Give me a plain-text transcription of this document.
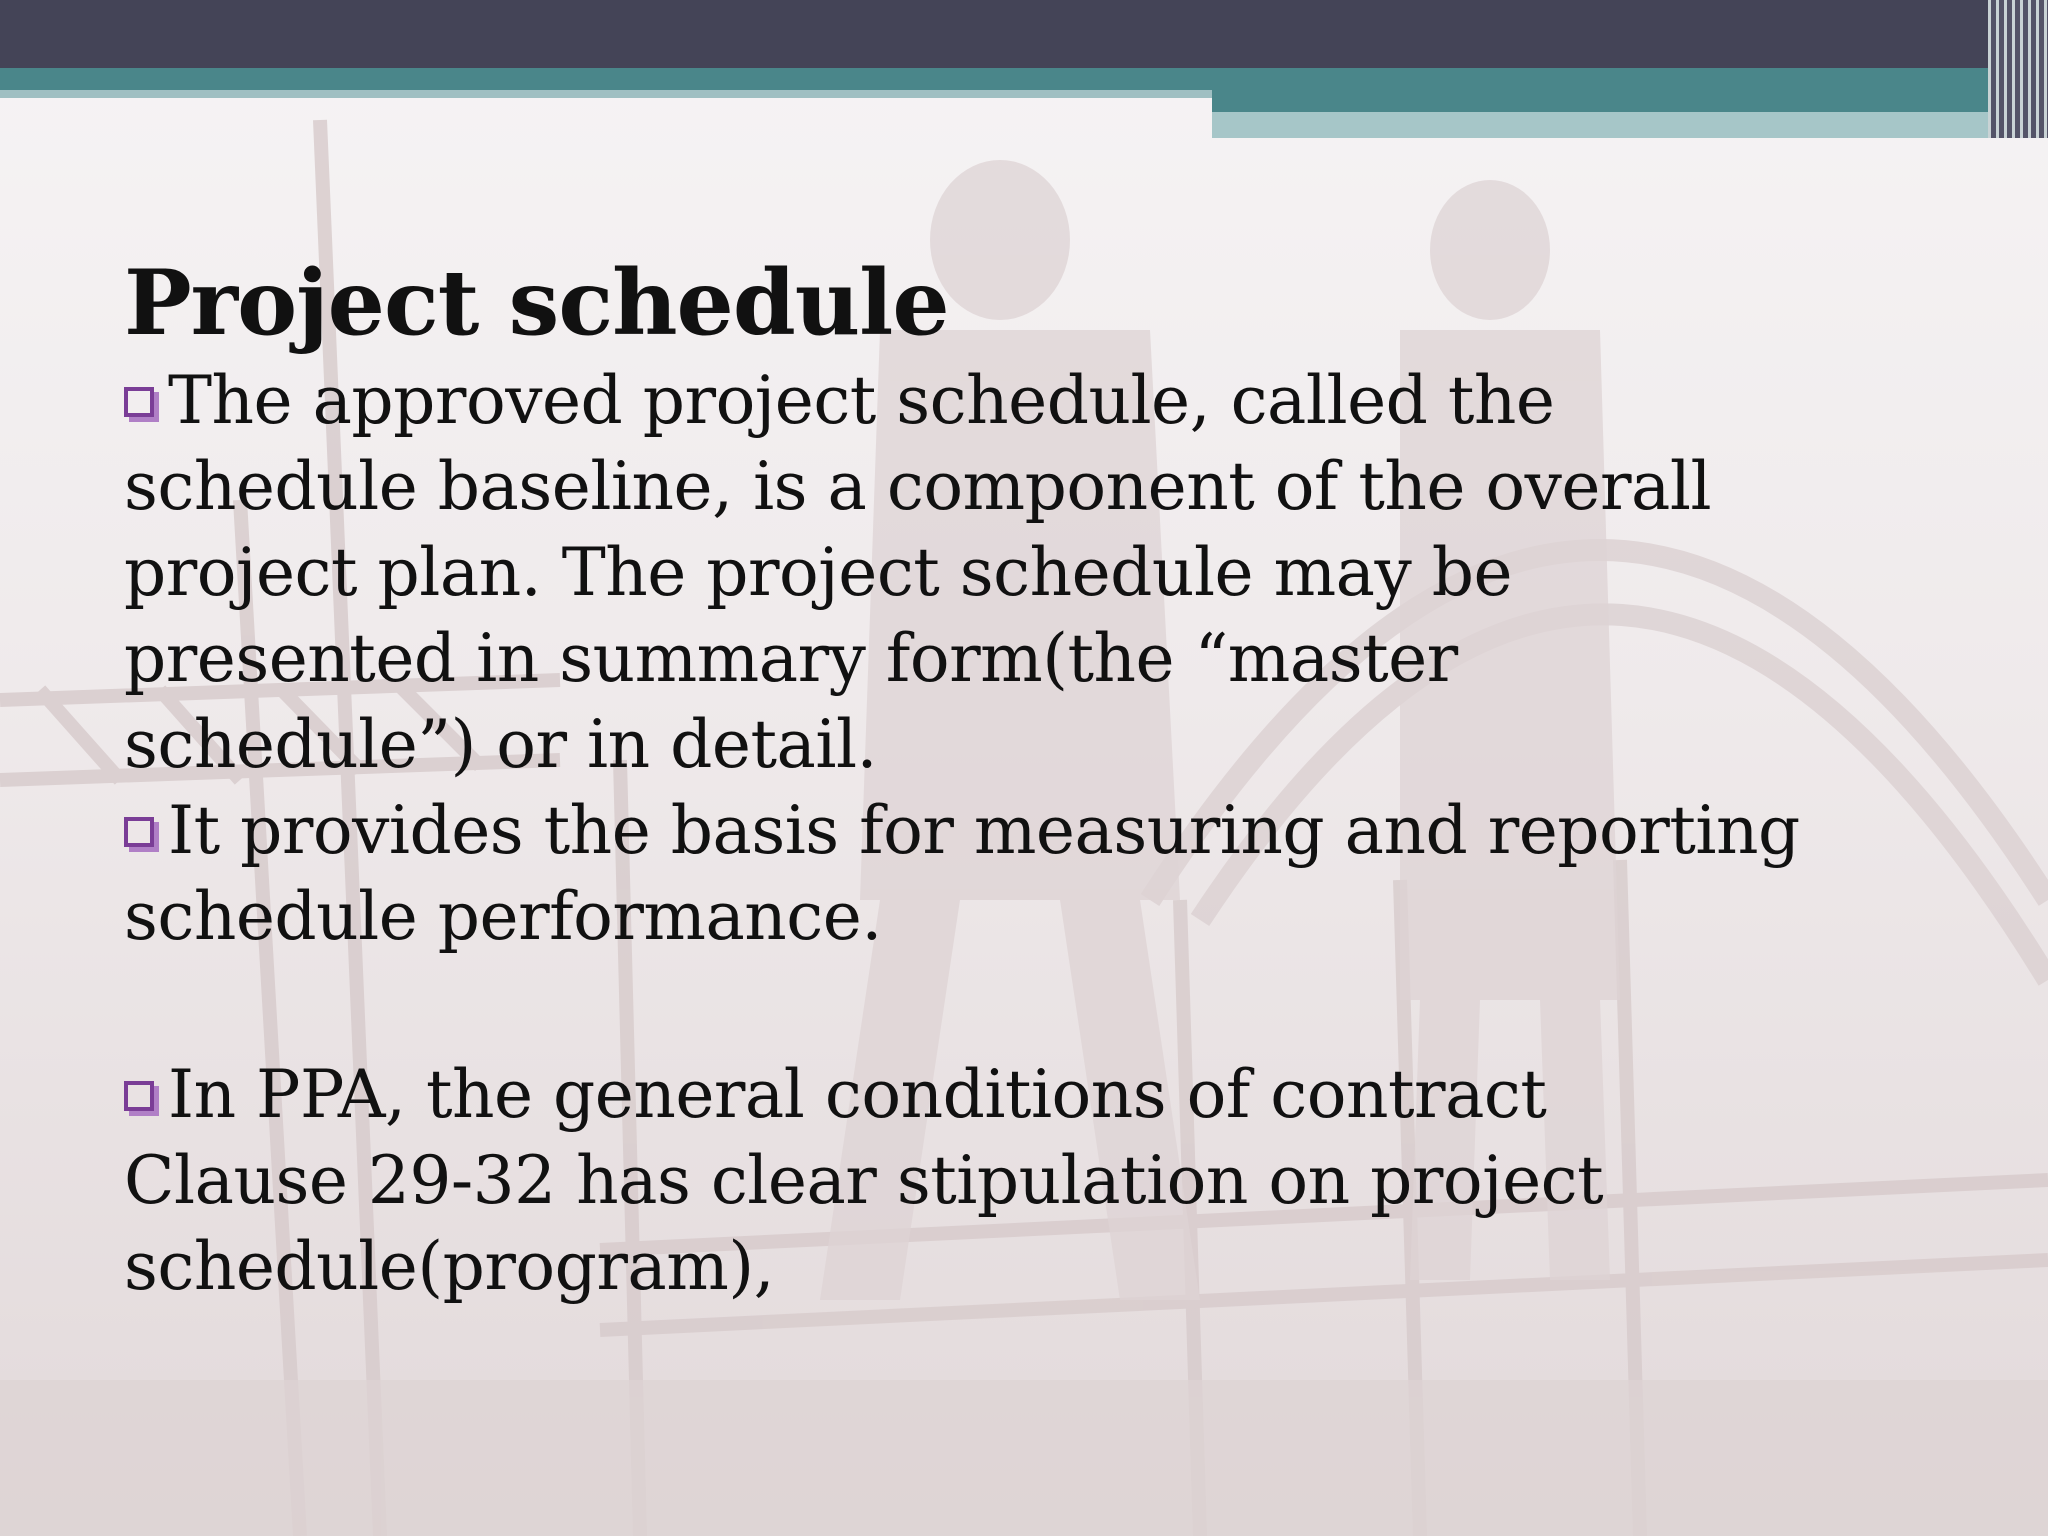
Project schedule
The approved project schedule, called the
schedule baseline, is a component of the overall
project plan. The project schedule may be
presented in summary form(the “master
schedule”) or in detail.
It provides the basis for measuring and reporting
schedule performance.
In PPA, the general conditions of contract
Clause 29-32 has clear stipulation on project
schedule(program),
